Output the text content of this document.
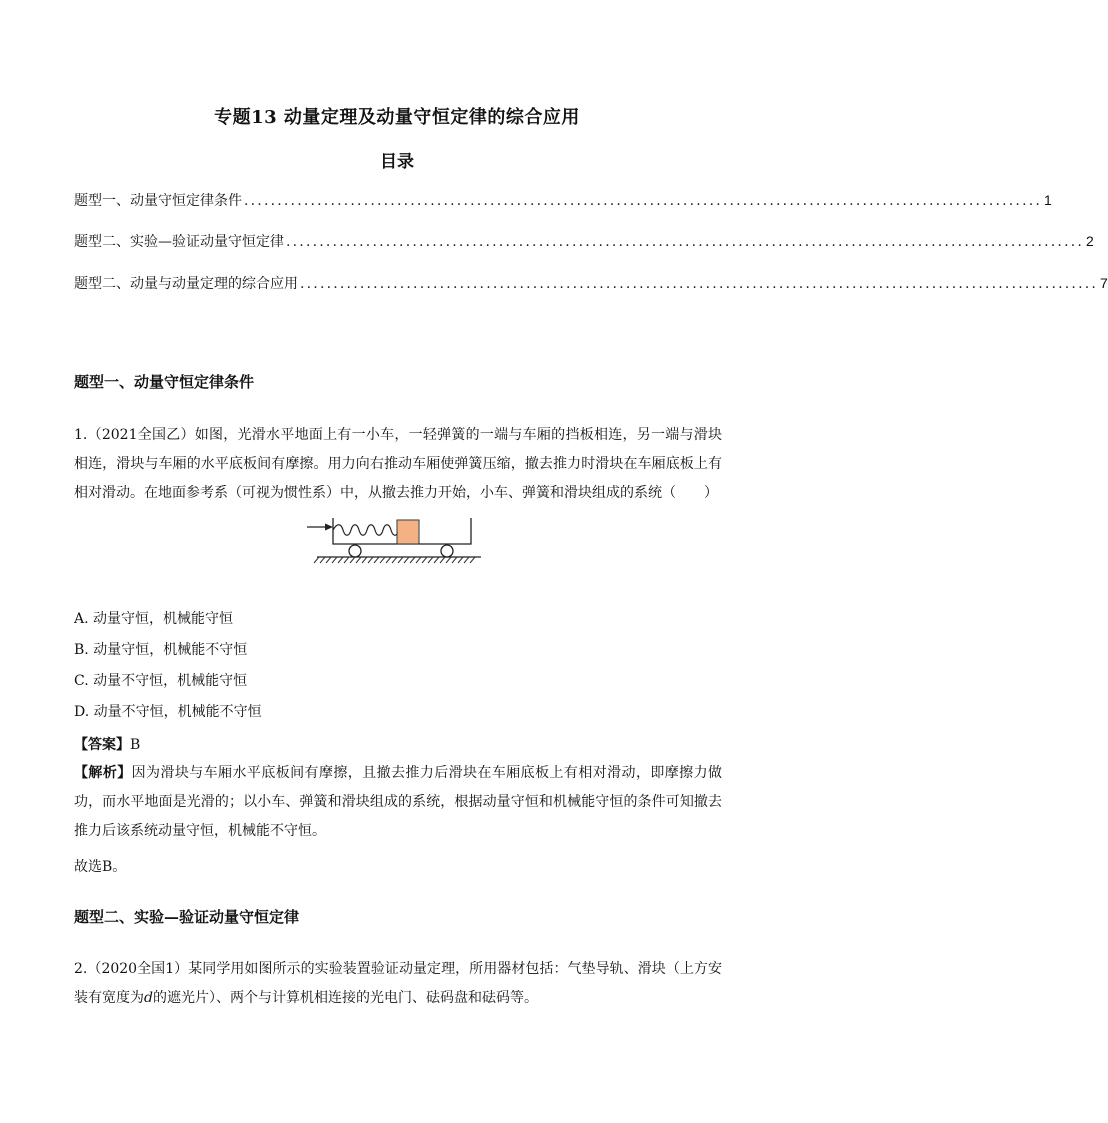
专题13 动量定理及动量守恒定律的综合应用
目录
题型一、动量守恒定律条件 ........................................................................................................................ 1
题型二、实验—验证动量守恒定律 ........................................................................................................................ 2
题型二、动量与动量定理的综合应用 ........................................................................................................................ 7
题型一、动量守恒定律条件
1.（2021全国乙）如图，光滑水平地面上有一小车，一轻弹簧的一端与车厢的挡板相连，另一端与滑块相连，滑块与车厢的水平底板间有摩擦。用力向右推动车厢使弹簧压缩，撤去推力时滑块在车厢底板上有相对滑动。在地面参考系（可视为惯性系）中，从撤去推力开始，小车、弹簧和滑块组成的系统（　　）
A. 动量守恒，机械能守恒
B. 动量守恒，机械能不守恒
C. 动量不守恒，机械能守恒
D. 动量不守恒，机械能不守恒
【答案】B
【解析】因为滑块与车厢水平底板间有摩擦，且撤去推力后滑块在车厢底板上有相对滑动，即摩擦力做功，而水平地面是光滑的；以小车、弹簧和滑块组成的系统，根据动量守恒和机械能守恒的条件可知撤去推力后该系统动量守恒，机械能不守恒。
故选B。
题型二、实验—验证动量守恒定律
2.（2020全国1）某同学用如图所示的实验装置验证动量定理，所用器材包括：气垫导轨、滑块（上方安装有宽度为d的遮光片）、两个与计算机相连接的光电门、砝码盘和砝码等。
